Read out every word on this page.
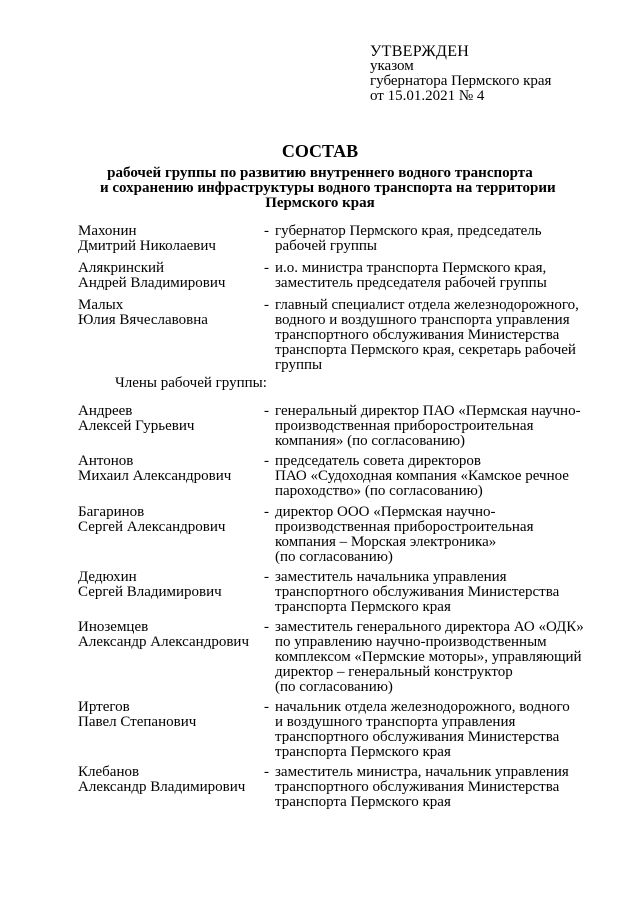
УТВЕРЖДЕН
указом
губернатора Пермского края
от 15.01.2021 № 4
СОСТАВ
рабочей группы по развитию внутреннего водного транспорта
и сохранению инфраструктуры водного транспорта на территории
Пермского края
Махонин
Дмитрий Николаевич
- губернатор Пермского края, председатель
рабочей группы
Алякринский
Андрей Владимирович
- и.о. министра транспорта Пермского края,
заместитель председателя рабочей группы
Малых
Юлия Вячеславовна
- главный специалист отдела железнодорожного,
водного и воздушного транспорта управления
транспортного обслуживания Министерства
транспорта Пермского края, секретарь рабочей
группы
Члены рабочей группы:
Андреев
Алексей Гурьевич
- генеральный директор ПАО «Пермская научно-
производственная приборостроительная
компания» (по согласованию)
Антонов
Михаил Александрович
- председатель совета директоров
ПАО «Судоходная компания «Камское речное
пароходство» (по согласованию)
Багаринов
Сергей Александрович
- директор ООО «Пермская научно-
производственная приборостроительная
компания – Морская электроника»
(по согласованию)
Дедюхин
Сергей Владимирович
- заместитель начальника управления
транспортного обслуживания Министерства
транспорта Пермского края
Иноземцев
Александр Александрович
- заместитель генерального директора АО «ОДК»
по управлению научно-производственным
комплексом «Пермские моторы», управляющий
директор – генеральный конструктор
(по согласованию)
Иртегов
Павел Степанович
- начальник отдела железнодорожного, водного
и воздушного транспорта управления
транспортного обслуживания Министерства
транспорта Пермского края
Клебанов
Александр Владимирович
- заместитель министра, начальник управления
транспортного обслуживания Министерства
транспорта Пермского края
